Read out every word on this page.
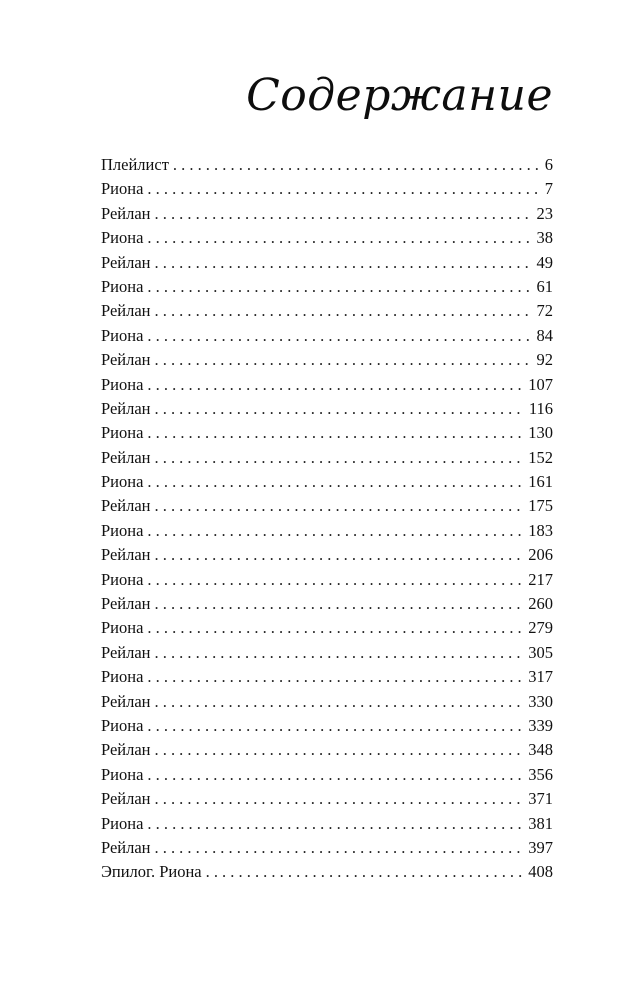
Содержание
Плейлист .....	6
Риона .....	7
Рейлан .....	23
Риона .....	38
Рейлан .....	49
Риона .....	61
Рейлан .....	72
Риона .....	84
Рейлан .....	92
Риона .....	107
Рейлан .....	116
Риона .....	130
Рейлан .....	152
Риона .....	161
Рейлан .....	175
Риона .....	183
Рейлан .....	206
Риона .....	217
Рейлан .....	260
Риона .....	279
Рейлан .....	305
Риона .....	317
Рейлан .....	330
Риона .....	339
Рейлан .....	348
Риона .....	356
Рейлан .....	371
Риона .....	381
Рейлан .....	397
Эпилог. Риона .....	408
